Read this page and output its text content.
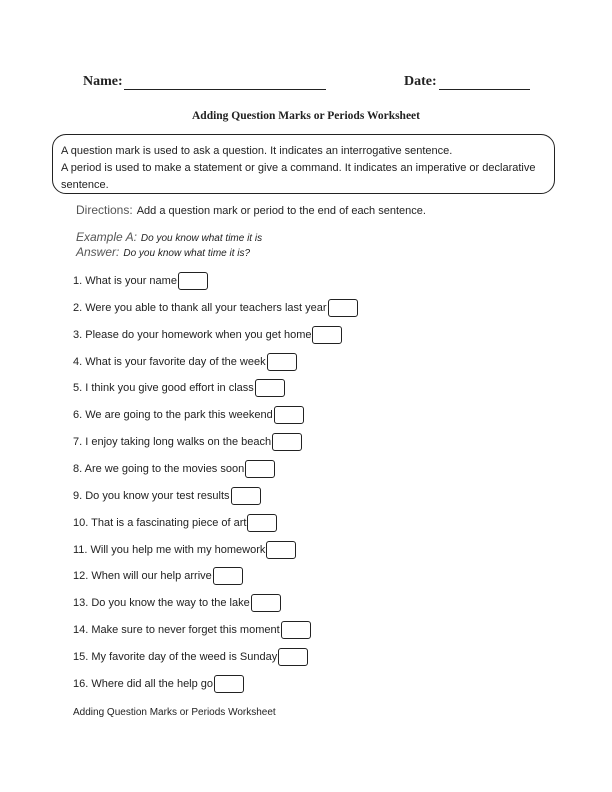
Name:	Date:
Adding Question Marks or Periods Worksheet
A question mark is used to ask a question. It indicates an interrogative sentence.
A period is used to make a statement or give a command. It indicates an imperative or declarative sentence.
Directions: Add a question mark or period to the end of each sentence.
Example A: Do you know what time it is
Answer: Do you know what time it is?
1. What is your name
2. Were you able to thank all your teachers last year
3. Please do your homework when you get home
4. What is your favorite day of the week
5. I think you give good effort in class
6. We are going to the park this weekend
7. I enjoy taking long walks on the beach
8. Are we going to the movies soon
9. Do you know your test results
10. That is a fascinating piece of art
11. Will you help me with my homework
12. When will our help arrive
13. Do you know the way to the lake
14. Make sure to never forget this moment
15. My favorite day of the weed is Sunday
16. Where did all the help go
Adding Question Marks or Periods Worksheet
